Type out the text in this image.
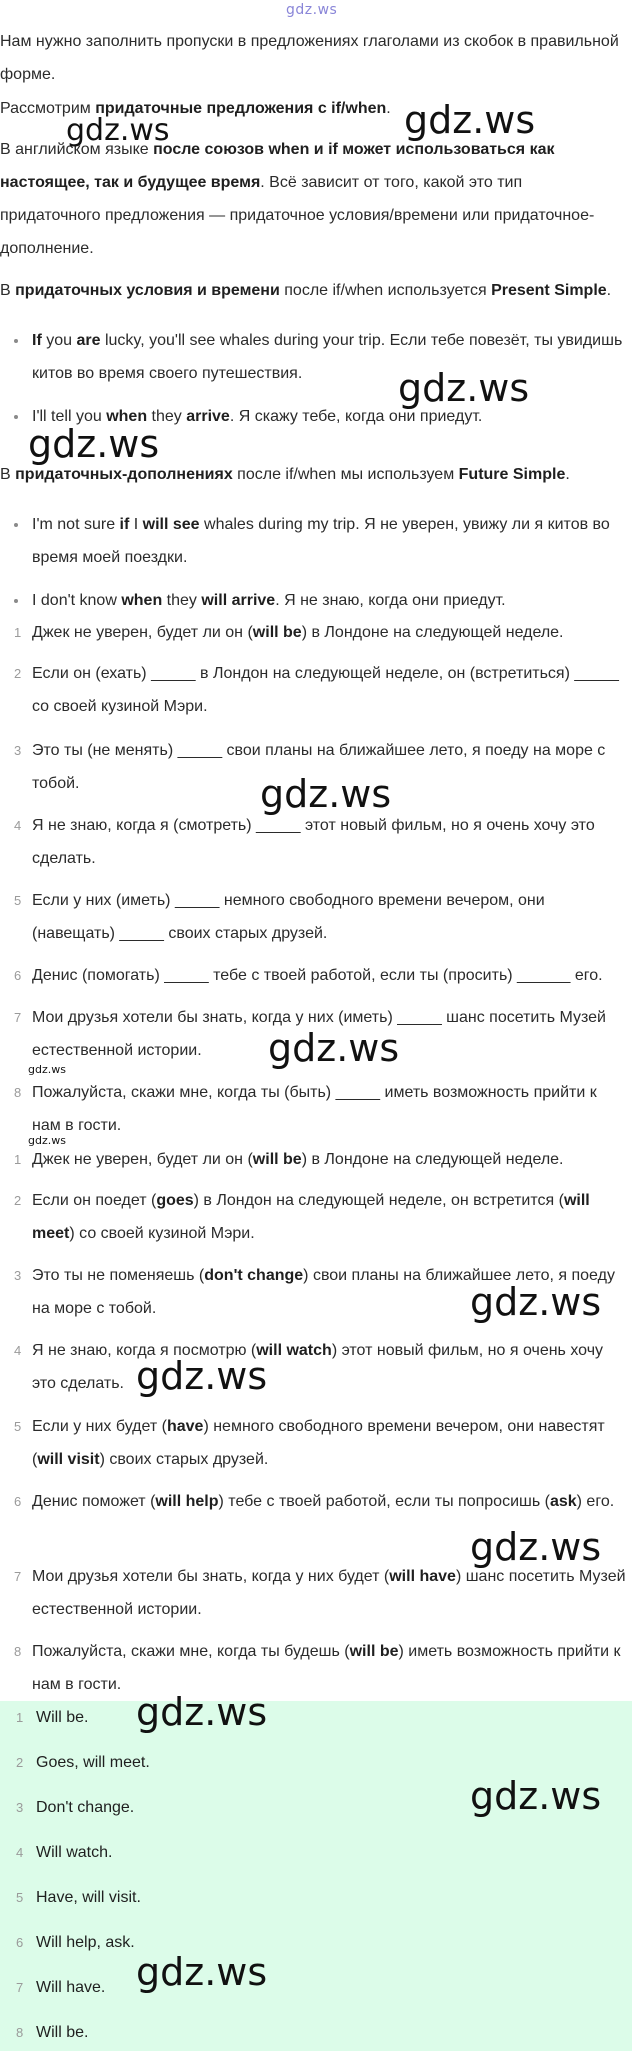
gdz.ws
Нам нужно заполнить пропуски в предложениях глаголами из скобок в правильной форме.
Рассмотрим придаточные предложения с if/when.
В английском языке после союзов when и if может использоваться как настоящее, так и будущее время. Всё зависит от того, какой это тип придаточного предложения — придаточное условия/времени или придаточное-дополнение.
В придаточных условия и времени после if/when используется Present Simple.
If you are lucky, you'll see whales during your trip. Если тебе повезёт, ты увидишь китов во время своего путешествия.
I'll tell you when they arrive. Я скажу тебе, когда они приедут.
В придаточных-дополнениях после if/when мы используем Future Simple.
I'm not sure if I will see whales during my trip. Я не уверен, увижу ли я китов во время моей поездки.
I don't know when they will arrive. Я не знаю, когда они приедут.
1 Джек не уверен, будет ли он (will be) в Лондоне на следующей неделе.
2 Если он (ехать) _____ в Лондон на следующей неделе, он (встретиться) _____ со своей кузиной Мэри.
3 Это ты (не менять) _____ свои планы на ближайшее лето, я поеду на море с тобой.
4 Я не знаю, когда я (смотреть) _____ этот новый фильм, но я очень хочу это сделать.
5 Если у них (иметь) _____ немного свободного времени вечером, они (навещать) _____ своих старых друзей.
6 Денис (помогать) _____ тебе с твоей работой, если ты (просить) ______ его.
7 Мои друзья хотели бы знать, когда у них (иметь) _____ шанс посетить Музей естественной истории.
8 Пожалуйста, скажи мне, когда ты (быть) _____ иметь возможность прийти к нам в гости.
1 Джек не уверен, будет ли он (will be) в Лондоне на следующей неделе.
2 Если он поедет (goes) в Лондон на следующей неделе, он встретится (will meet) со своей кузиной Мэри.
3 Это ты не поменяешь (don't change) свои планы на ближайшее лето, я поеду на море с тобой.
4 Я не знаю, когда я посмотрю (will watch) этот новый фильм, но я очень хочу это сделать.
5 Если у них будет (have) немного свободного времени вечером, они навестят (will visit) своих старых друзей.
6 Денис поможет (will help) тебе с твоей работой, если ты попросишь (ask) его.
7 Мои друзья хотели бы знать, когда у них будет (will have) шанс посетить Музей естественной истории.
8 Пожалуйста, скажи мне, когда ты будешь (will be) иметь возможность прийти к нам в гости.
1 Will be.
2 Goes, will meet.
3 Don't change.
4 Will watch.
5 Have, will visit.
6 Will help, ask.
7 Will have.
8 Will be.
gdz.ws	gdz.ws
gdz.ws
gdz.ws
gdz.ws
gdz.ws
gdz.ws
gdz.ws
gdz.ws
gdz.ws
gdz.ws
gdz.ws
gdz.ws
gdz.ws
